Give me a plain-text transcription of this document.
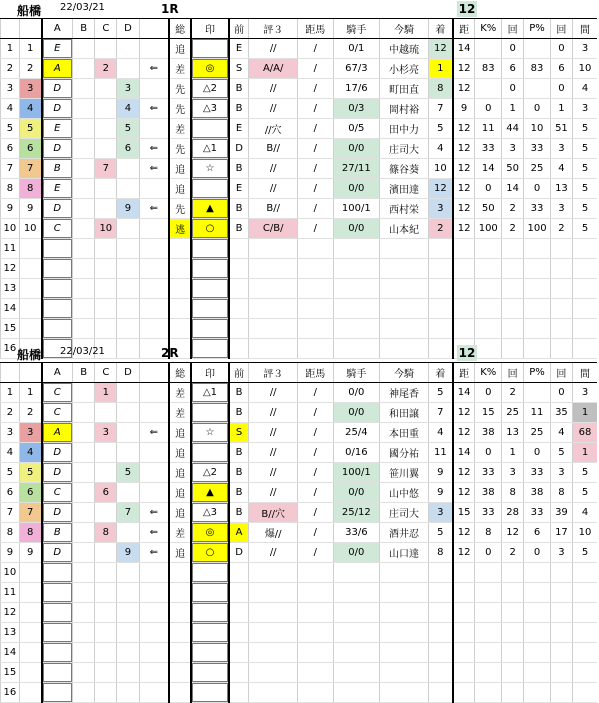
船橋 22/03/21	1R	12
		A	B	C	D		総	印	前	評３	距馬	騎手	今騎	着	距	K%	回	P%	回	間
1	1	E					追		E	//	/	0/1	中越琉	12	14		0		0	3
2	2	A		2		⇐	差	◎	S	A/A/	/	67/3	小杉亮	1	12	83	6	83	6	10
3	3	D			3		先	△2	B	//	/	17/6	町田直	8	12		0		0	4
4	4	D			4	⇐	先	△3	B	//	/	0/3	岡村裕	7	9	0	1	0	1	3
5	5	E			5		差		E	//穴	/	0/5	田中力	5	12	11	44	10	51	5
6	6	D			6	⇐	先	△1	D	B//	/	0/0	庄司大	4	12	33	3	33	3	5
7	7	B		7		⇐	追	☆	B	//	/	27/11	篠谷葵	10	12	14	50	25	4	5
8	8	E					追		E	//	/	0/0	濱田達	12	12	0	14	0	13	5
9	9	D			9	⇐	先	▲	B	B//	/	100/1	西村栄	3	12	50	2	33	3	5
10	10	C		10			逃	○	B	C/B/	/	0/0	山本紀	2	12	100	2	100	2	5
11																				
12																				
13																				
14																				
15																				
16																				船橋 22/03/21	2R	12
		A	B	C	D		総	印	前	評３	距馬	騎手	今騎	着	距	K%	回	P%	回	間
1	1	C		1			差	△1	B	//	/	0/0	神尾香	5	14	0	2		0	3
2	2	C					差		B	//	/	0/0	和田譲	7	12	15	25	11	35	1
3	3	A		3		⇐	追	☆	S	//	/	25/4	本田重	4	12	38	13	25	4	68
4	4	D					追		B	//	/	0/16	國分祐	11	14	0	1	0	5	1
5	5	D			5		追	△2	B	//	/	100/1	笹川翼	9	12	33	3	33	3	5
6	6	C		6			追	▲	B	//	/	0/0	山中悠	9	12	38	8	38	8	5
7	7	D			7	⇐	追	△3	B	B//穴	/	25/12	庄司大	3	15	33	28	33	39	4
8	8	B		8		⇐	差	◎	A	爆//	/	33/6	酒井忍	5	12	8	12	6	17	10
9	9	D			9	⇐	追	○	D	//	/	0/0	山口達	8	12	0	2	0	3	5
10																				
11																				
12																				
13																				
14																				
15																				
16																				
